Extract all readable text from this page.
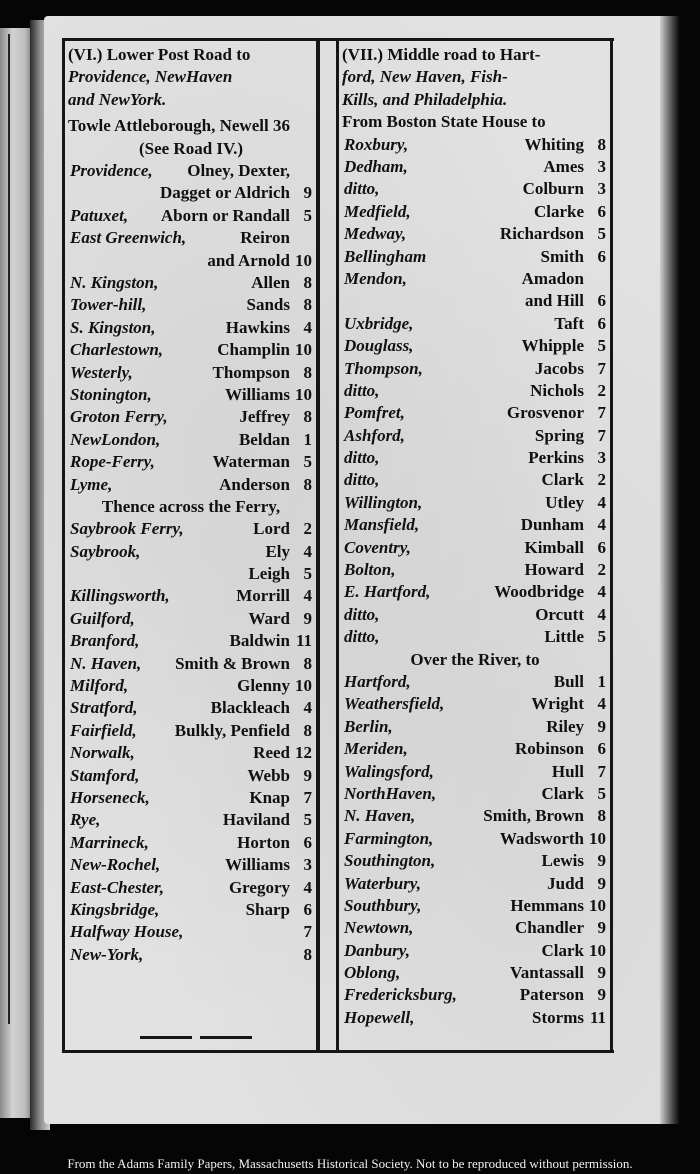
(VI.) Lower Post Road to
Providence, NewHaven
and NewYork.
Towle Attleborough, Newell 36
(See Road IV.)
Providence, Olney, Dexter,
Dagget or Aldrich 9
Patuxet, Aborn or Randall 5
East Greenwich,	Reiron
and Arnold 10
N. Kingston,	Allen 8
Tower-hill,	Sands 8
S. Kingston,	Hawkins 4
Charlestown,	Champlin 10
Westerly,	Thompson 8
Stonington,	Williams 10
Groton Ferry,	Jeffrey 8
NewLondon,	Beldan 1
Rope-Ferry,	Waterman 5
Lyme,	Anderson 8
Thence across the Ferry,
Saybrook Ferry,	Lord 2
Saybrook,	Ely 4
Leigh 5
Killingsworth,	Morrill 4
Guilford,	Ward 9
Branford,	Baldwin 11
N. Haven, Smith & Brown 8
Milford,	Glenny 10
Stratford,	Blackleach 4
Fairfield, Bulkly, Penfield 8
Norwalk,	Reed 12
Stamford,	Webb 9
Horseneck,	Knap 7
Rye,	Haviland 5
Marrineck,	Horton 6
New-Rochel,	Williams 3
East-Chester,	Gregory 4
Kingsbridge,	Sharp 6
Halfway House,	7
New-York,	8
(VII.) Middle road to Hart-
ford, New Haven, Fish-
Kills, and Philadelphia.
From Boston State House to
Roxbury,	Whiting 8
Dedham,	Ames 3
ditto,	Colburn 3
Medfield,	Clarke 6
Medway,	Richardson 5
Bellingham	Smith 6
Mendon,	Amadon
and Hill 6
Uxbridge,	Taft 6
Douglass,	Whipple 5
Thompson,	Jacobs 7
ditto,	Nichols 2
Pomfret,	Grosvenor 7
Ashford,	Spring 7
ditto,	Perkins 3
ditto,	Clark 2
Willington,	Utley 4
Mansfield,	Dunham 4
Coventry,	Kimball 6
Bolton,	Howard 2
E. Hartford,	Woodbridge 4
ditto,	Orcutt 4
ditto,	Little 5
Over the River, to
Hartford,	Bull 1
Weathersfield,	Wright 4
Berlin,	Riley 9
Meriden,	Robinson 6
Walingsford,	Hull 7
NorthHaven,	Clark 5
N. Haven,	Smith, Brown 8
Farmington,	Wadsworth 10
Southington,	Lewis 9
Waterbury,	Judd 9
Southbury,	Hemmans 10
Newtown,	Chandler 9
Danbury,	Clark 10
Oblong,	Vantassall 9
Fredericksburg,	Paterson 9
Hopewell,	Storms 11
From the Adams Family Papers, Massachusetts Historical Society. Not to be reproduced without permission.
